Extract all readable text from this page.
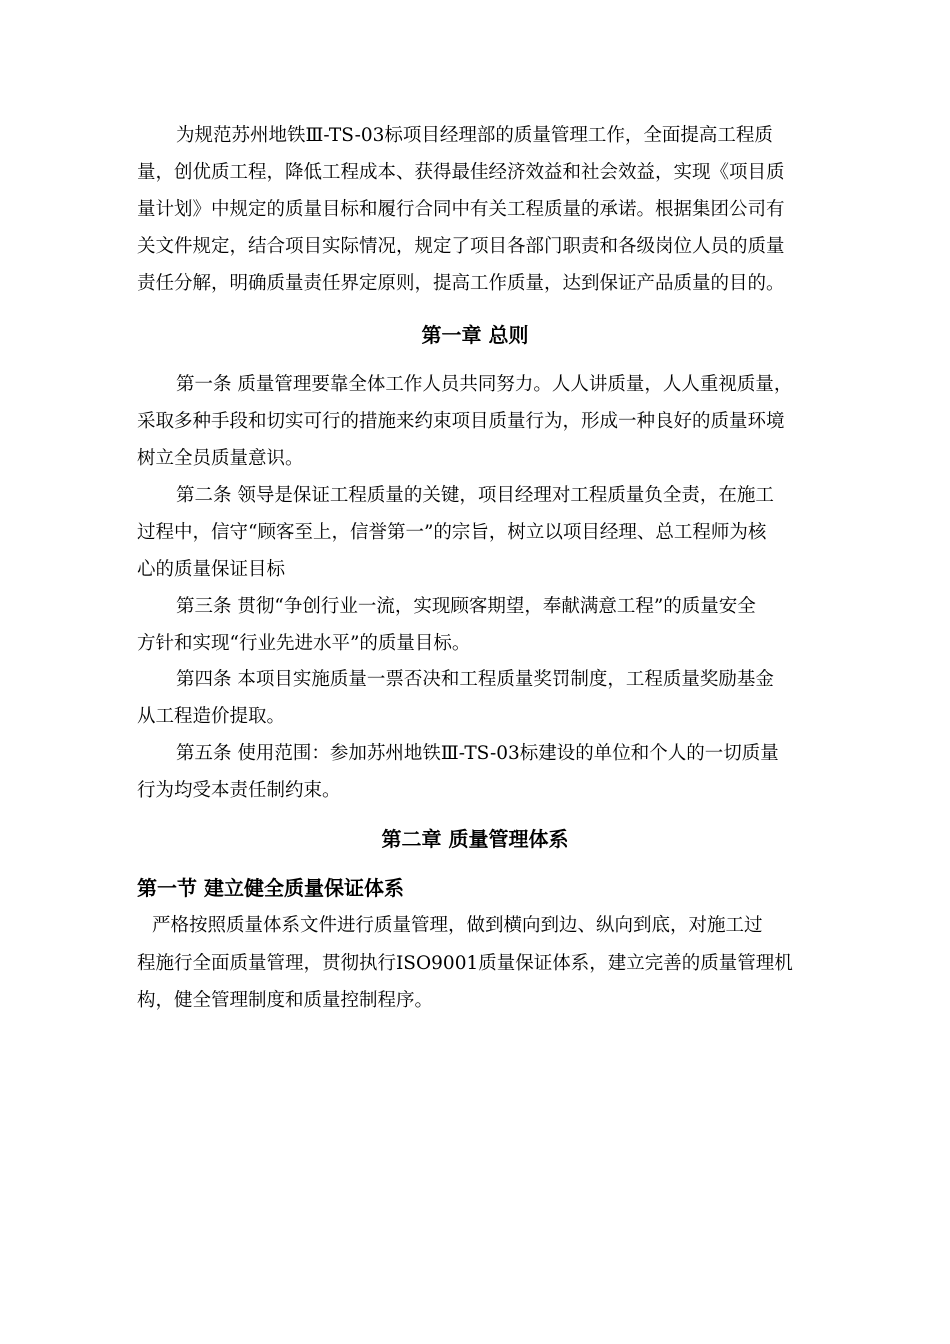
为规范苏州地铁Ⅲ-TS-03标项目经理部的质量管理工作，全面提高工程质
量，创优质工程，降低工程成本、获得最佳经济效益和社会效益，实现《项目质
量计划》中规定的质量目标和履行合同中有关工程质量的承诺。根据集团公司有
关文件规定，结合项目实际情况，规定了项目各部门职责和各级岗位人员的质量
责任分解，明确质量责任界定原则，提高工作质量，达到保证产品质量的目的。
第一章 总则
第一条 质量管理要靠全体工作人员共同努力。人人讲质量，人人重视质量，
采取多种手段和切实可行的措施来约束项目质量行为，形成一种良好的质量环境
树立全员质量意识。
第二条 领导是保证工程质量的关键，项目经理对工程质量负全责，在施工
过程中，信守“顾客至上，信誉第一”的宗旨，树立以项目经理、总工程师为核
心的质量保证目标
第三条 贯彻“争创行业一流，实现顾客期望，奉献满意工程”的质量安全
方针和实现“行业先进水平”的质量目标。
第四条 本项目实施质量一票否决和工程质量奖罚制度，工程质量奖励基金
从工程造价提取。
第五条 使用范围：参加苏州地铁Ⅲ-TS-03标建设的单位和个人的一切质量
行为均受本责任制约束。
第二章 质量管理体系
第一节 建立健全质量保证体系
严格按照质量体系文件进行质量管理，做到横向到边、纵向到底，对施工过
程施行全面质量管理，贯彻执行ISO9001质量保证体系，建立完善的质量管理机
构，健全管理制度和质量控制程序。
